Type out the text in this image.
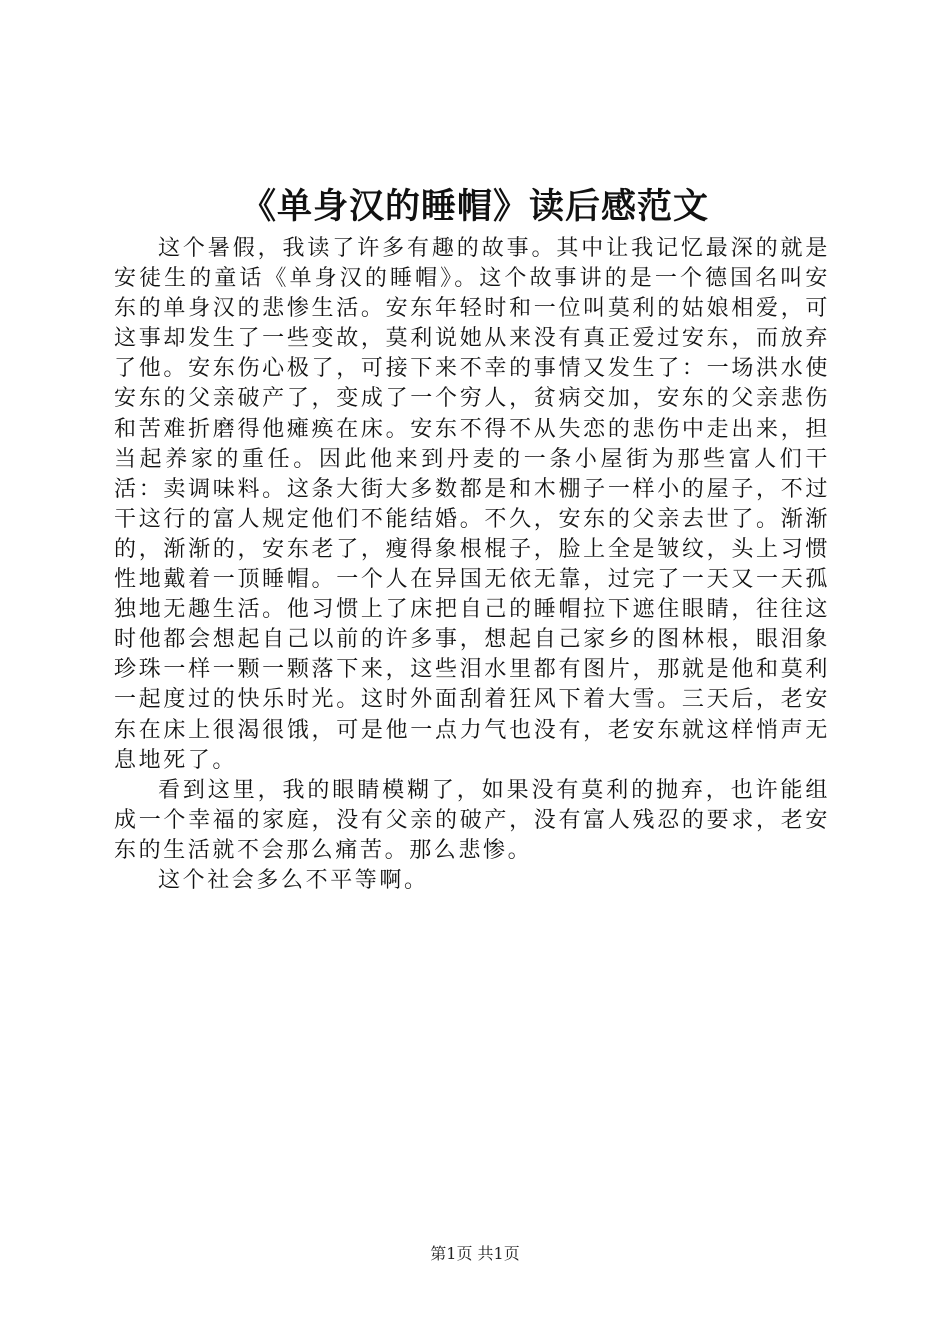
《单身汉的睡帽》读后感范文

这个暑假，我读了许多有趣的故事。其中让我记忆最深的就是安徒生的童话《单身汉的睡帽》。这个故事讲的是一个德国名叫安东的单身汉的悲惨生活。安东年轻时和一位叫莫利的姑娘相爱，可这事却发生了一些变故，莫利说她从来没有真正爱过安东，而放弃了他。安东伤心极了，可接下来不幸的事情又发生了：一场洪水使安东的父亲破产了，变成了一个穷人，贫病交加，安东的父亲悲伤和苦难折磨得他瘫痪在床。安东不得不从失恋的悲伤中走出来，担当起养家的重任。因此他来到丹麦的一条小屋街为那些富人们干活：卖调味料。这条大街大多数都是和木棚子一样小的屋子，不过干这行的富人规定他们不能结婚。不久，安东的父亲去世了。渐渐的，渐渐的，安东老了，瘦得象根棍子，脸上全是皱纹，头上习惯性地戴着一顶睡帽。一个人在异国无依无靠，过完了一天又一天孤独地无趣生活。他习惯上了床把自己的睡帽拉下遮住眼睛，往往这时他都会想起自己以前的许多事，想起自己家乡的图林根，眼泪象珍珠一样一颗一颗落下来，这些泪水里都有图片，那就是他和莫利一起度过的快乐时光。这时外面刮着狂风下着大雪。三天后，老安东在床上很渴很饿，可是他一点力气也没有，老安东就这样悄声无息地死了。

看到这里，我的眼睛模糊了，如果没有莫利的抛弃，也许能组成一个幸福的家庭，没有父亲的破产，没有富人残忍的要求，老安东的生活就不会那么痛苦。那么悲惨。

这个社会多么不平等啊。

第1页 共1页
